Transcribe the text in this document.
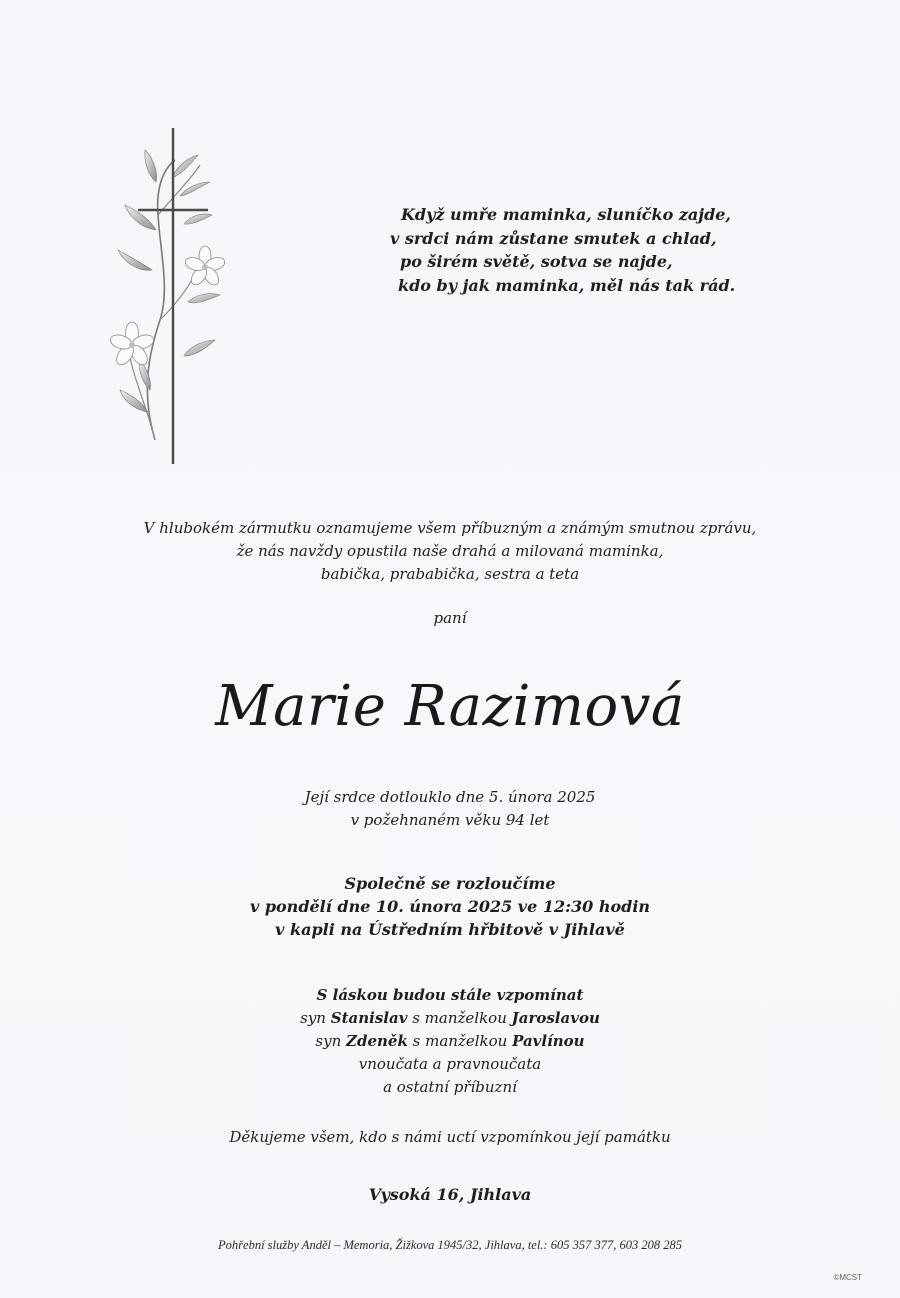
Když umře maminka, sluníčko zajde,
v srdci nám zůstane smutek a chlad,
po širém světě, sotva se najde,
kdo by jak maminka, měl nás tak rád.
V hlubokém zármutku oznamujeme všem příbuzným a známým smutnou zprávu,
že nás navždy opustila naše drahá a milovaná maminka,
babička, prababička, sestra a teta
paní
Marie Razimová
Její srdce dotlouklo dne 5. února 2025
v požehnaném věku 94 let
Společně se rozloučíme
v pondělí dne 10. února 2025 ve 12:30 hodin
v kapli na Ústředním hřbitově v Jihlavě
S láskou budou stále vzpomínat
syn Stanislav s manželkou Jaroslavou
syn Zdeněk s manželkou Pavlínou
vnoučata a pravnoučata
a ostatní příbuzní
Děkujeme všem, kdo s námi uctí vzpomínkou její památku
Vysoká 16, Jihlava
Pohřební služby Anděl – Memoria, Žižkova 1945/32, Jihlava, tel.: 605 357 377, 603 208 285
©MCST
